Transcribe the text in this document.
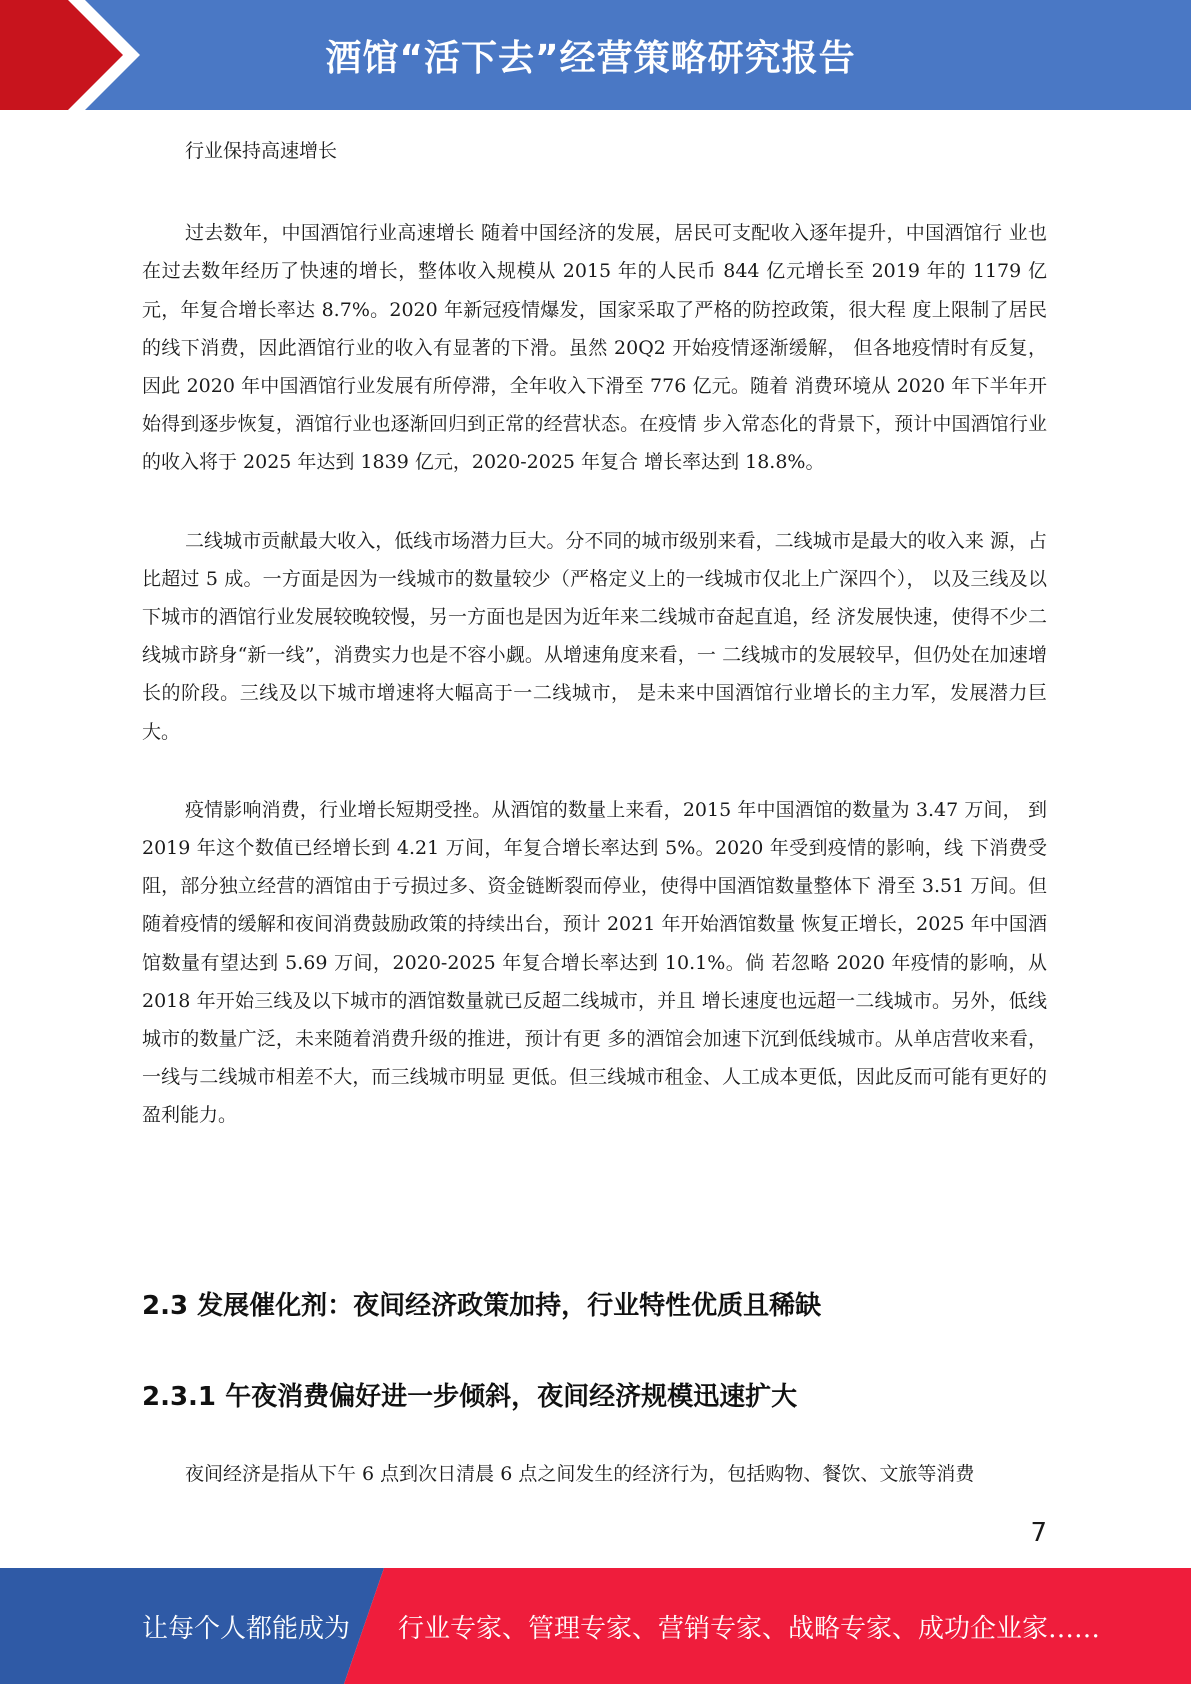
酒馆“活下去”经营策略研究报告

行业保持高速增长

过去数年，中国酒馆行业高速增长 随着中国经济的发展，居民可支配收入逐年提升，中国酒馆行 业也在过去数年经历了快速的增长，整体收入规模从 2015 年的人民币 844 亿元增长至 2019 年的 1179 亿元，年复合增长率达 8.7%。2020 年新冠疫情爆发，国家采取了严格的防控政策，很大程 度上限制了居民的线下消费，因此酒馆行业的收入有显著的下滑。虽然 20Q2 开始疫情逐渐缓解， 但各地疫情时有反复，因此 2020 年中国酒馆行业发展有所停滞，全年收入下滑至 776 亿元。随着 消费环境从 2020 年下半年开始得到逐步恢复，酒馆行业也逐渐回归到正常的经营状态。在疫情 步入常态化的背景下，预计中国酒馆行业的收入将于 2025 年达到 1839 亿元，2020-2025 年复合 增长率达到 18.8%。

二线城市贡献最大收入，低线市场潜力巨大。分不同的城市级别来看，二线城市是最大的收入来 源，占比超过 5 成。一方面是因为一线城市的数量较少（严格定义上的一线城市仅北上广深四个）， 以及三线及以下城市的酒馆行业发展较晚较慢，另一方面也是因为近年来二线城市奋起直追，经 济发展快速，使得不少二线城市跻身“新一线”，消费实力也是不容小觑。从增速角度来看，一 二线城市的发展较早，但仍处在加速增长的阶段。三线及以下城市增速将大幅高于一二线城市， 是未来中国酒馆行业增长的主力军，发展潜力巨大。

疫情影响消费，行业增长短期受挫。从酒馆的数量上来看，2015 年中国酒馆的数量为 3.47 万间， 到 2019 年这个数值已经增长到 4.21 万间，年复合增长率达到 5%。2020 年受到疫情的影响，线 下消费受阻，部分独立经营的酒馆由于亏损过多、资金链断裂而停业，使得中国酒馆数量整体下 滑至 3.51 万间。但随着疫情的缓解和夜间消费鼓励政策的持续出台，预计 2021 年开始酒馆数量 恢复正增长，2025 年中国酒馆数量有望达到 5.69 万间，2020-2025 年复合增长率达到 10.1%。倘 若忽略 2020 年疫情的影响，从 2018 年开始三线及以下城市的酒馆数量就已反超二线城市，并且 增长速度也远超一二线城市。另外，低线城市的数量广泛，未来随着消费升级的推进，预计有更 多的酒馆会加速下沉到低线城市。从单店营收来看，一线与二线城市相差不大，而三线城市明显 更低。但三线城市租金、人工成本更低，因此反而可能有更好的盈利能力。

2.3 发展催化剂：夜间经济政策加持，行业特性优质且稀缺
2.3.1 午夜消费偏好进一步倾斜，夜间经济规模迅速扩大

夜间经济是指从下午 6 点到次日清晨 6 点之间发生的经济行为，包括购物、餐饮、文旅等消费

7
让每个人都能成为 行业专家、管理专家、营销专家、战略专家、成功企业家……
